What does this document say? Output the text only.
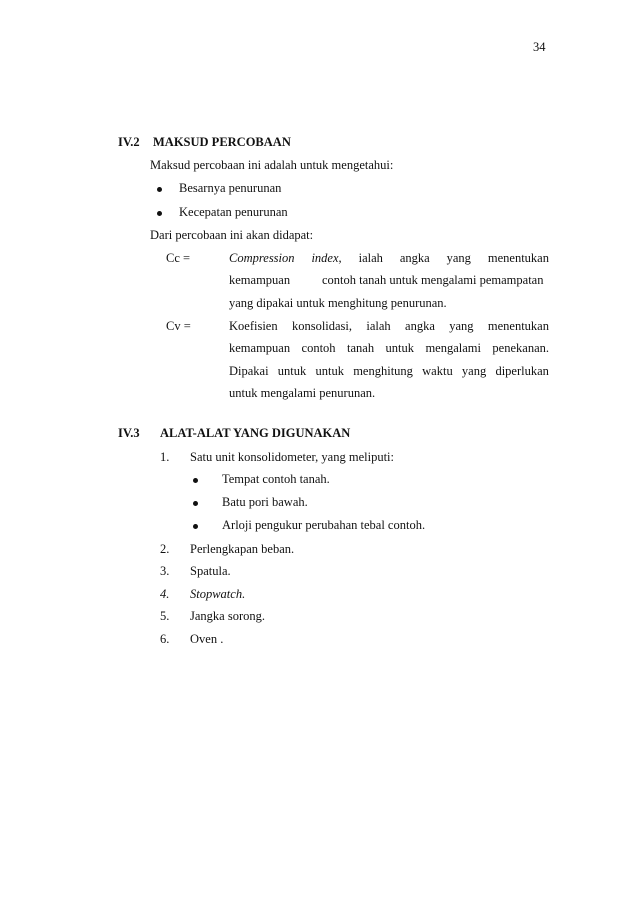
34
IV.2 MAKSUD PERCOBAAN
Maksud percobaan ini adalah untuk mengetahui:
Besarnya penurunan
Kecepatan penurunan
Dari percobaan ini akan didapat:
Cc =	Compression index, ialah angka yang menentukan
kemampuan	contoh tanah untuk mengalami pemampatan
yang dipakai untuk menghitung penurunan.
Cv =	Koefisien konsolidasi, ialah angka yang menentukan
kemampuan contoh tanah untuk mengalami penekanan.
Dipakai untuk untuk menghitung waktu yang diperlukan
untuk mengalami penurunan.
IV.3 ALAT-ALAT YANG DIGUNAKAN
1. Satu unit konsolidometer, yang meliputi:
Tempat contoh tanah.
Batu pori bawah.
Arloji pengukur perubahan tebal contoh.
2. Perlengkapan beban.
3. Spatula.
4. Stopwatch.
5. Jangka sorong.
6. Oven .
